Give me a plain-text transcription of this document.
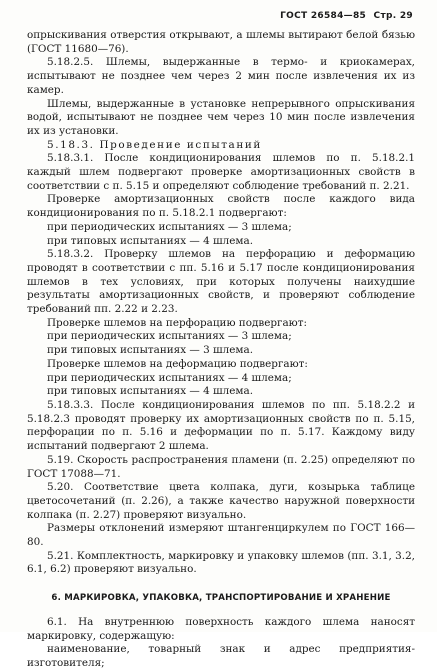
ГОСТ 26584—85 Стр. 29

опрыскивания отверстия открывают, а шлемы вытирают белой бязью (ГОСТ 11680—76).

5.18.2.5. Шлемы, выдержанные в термо- и криокамерах, испытывают не позднее чем через 2 мин после извлечения их из камер.

Шлемы, выдержанные в установке непрерывного опрыскивания водой, испытывают не позднее чем через 10 мин после извлечения их из установки.

5.18.3. Проведение испытаний

5.18.3.1. После кондиционирования шлемов по п. 5.18.2.1 каждый шлем подвергают проверке амортизационных свойств в соответствии с п. 5.15 и определяют соблюдение требований п. 2.21.

Проверке амортизационных свойств после каждого вида кондиционирования по п. 5.18.2.1 подвергают:

при периодических испытаниях — 3 шлема;

при типовых испытаниях — 4 шлема.

5.18.3.2. Проверку шлемов на перфорацию и деформацию проводят в соответствии с пп. 5.16 и 5.17 после кондиционирования шлемов в тех условиях, при которых получены наихудшие результаты амортизационных свойств, и проверяют соблюдение требований пп. 2.22 и 2.23.

Проверке шлемов на перфорацию подвергают:

при периодических испытаниях — 3 шлема;

при типовых испытаниях — 3 шлема.

Проверке шлемов на деформацию подвергают:

при периодических испытаниях — 4 шлема;

при типовых испытаниях — 4 шлема.

5.18.3.3. После кондиционирования шлемов по пп. 5.18.2.2 и 5.18.2.3 проводят проверку их амортизационных свойств по п. 5.15, перфорации по п. 5.16 и деформации по п. 5.17. Каждому виду испытаний подвергают 2 шлема.

5.19. Скорость распространения пламени (п. 2.25) определяют по ГОСТ 17088—71.

5.20. Соответствие цвета колпака, дуги, козырька таблице цветосочетаний (п. 2.26), а также качество наружной поверхности колпака (п. 2.27) проверяют визуально.

Размеры отклонений измеряют штангенциркулем по ГОСТ 166—80.

5.21. Комплектность, маркировку и упаковку шлемов (пп. 3.1, 3.2, 6.1, 6.2) проверяют визуально.

6. МАРКИРОВКА, УПАКОВКА, ТРАНСПОРТИРОВАНИЕ И ХРАНЕНИЕ

6.1. На внутреннюю поверхность каждого шлема наносят маркировку, содержащую:

наименование, товарный знак и адрес предприятия-изготовителя;
